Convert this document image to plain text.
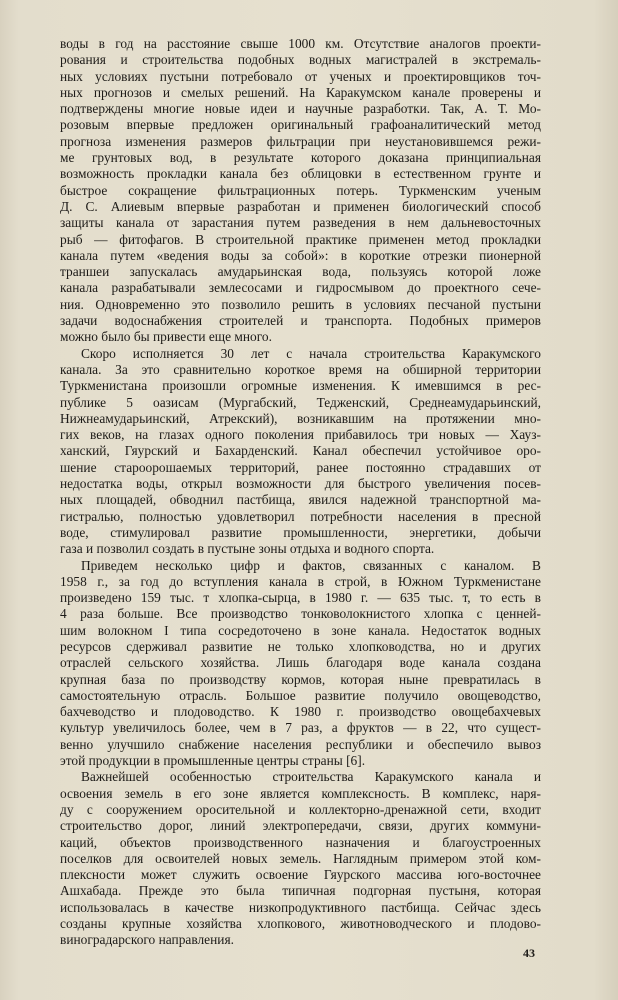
воды в год на расстояние свыше 1000 км. Отсутствие аналогов проекти-
рования и строительства подобных водных магистралей в экстремаль-
ных условиях пустыни потребовало от ученых и проектировщиков точ-
ных прогнозов и смелых решений. На Каракумском канале проверены и
подтверждены многие новые идеи и научные разработки. Так, А. Т. Мо-
розовым впервые предложен оригинальный графоаналитический метод
прогноза изменения размеров фильтрации при неустановившемся режи-
ме грунтовых вод, в результате которого доказана принципиальная
возможность прокладки канала без облицовки в естественном грунте и
быстрое сокращение фильтрационных потерь. Туркменским ученым
Д. С. Алиевым впервые разработан и применен биологический способ
защиты канала от зарастания путем разведения в нем дальневосточных
рыб — фитофагов. В строительной практике применен метод прокладки
канала путем «ведения воды за собой»: в короткие отрезки пионерной
траншеи запускалась амударьинская вода, пользуясь которой ложе
канала разрабатывали землесосами и гидросмывом до проектного сече-
ния. Одновременно это позволило решить в условиях песчаной пустыни
задачи водоснабжения строителей и транспорта. Подобных примеров
можно было бы привести еще много.

Скоро исполняется 30 лет с начала строительства Каракумского
канала. За это сравнительно короткое время на обширной территории
Туркменистана произошли огромные изменения. К имевшимся в рес-
публике 5 оазисам (Мургабский, Тедженский, Среднеамударьинский,
Нижнеамударьинский, Атрекский), возникавшим на протяжении мно-
гих веков, на глазах одного поколения прибавилось три новых — Хауз-
ханский, Гяурский и Бахарденский. Канал обеспечил устойчивое оро-
шение староорошаемых территорий, ранее постоянно страдавших от
недостатка воды, открыл возможности для быстрого увеличения посев-
ных площадей, обводнил пастбища, явился надежной транспортной ма-
гистралью, полностью удовлетворил потребности населения в пресной
воде, стимулировал развитие промышленности, энергетики, добычи
газа и позволил создать в пустыне зоны отдыха и водного спорта.

Приведем несколько цифр и фактов, связанных с каналом. В
1958 г., за год до вступления канала в строй, в Южном Туркменистане
произведено 159 тыс. т хлопка-сырца, в 1980 г. — 635 тыс. т, то есть в
4 раза больше. Все производство тонковолокнистого хлопка с ценней-
шим волокном I типа сосредоточено в зоне канала. Недостаток водных
ресурсов сдерживал развитие не только хлопководства, но и других
отраслей сельского хозяйства. Лишь благодаря воде канала создана
крупная база по производству кормов, которая ныне превратилась в
самостоятельную отрасль. Большое развитие получило овощеводство,
бахчеводство и плодоводство. К 1980 г. производство овощебахчевых
культур увеличилось более, чем в 7 раз, а фруктов — в 22, что сущест-
венно улучшило снабжение населения республики и обеспечило вывоз
этой продукции в промышленные центры страны [6].

Важнейшей особенностью строительства Каракумского канала и
освоения земель в его зоне является комплексность. В комплекс, наря-
ду с сооружением оросительной и коллекторно-дренажной сети, входит
строительство дорог, линий электропередачи, связи, других коммуни-
каций, объектов производственного назначения и благоустроенных
поселков для освоителей новых земель. Наглядным примером этой ком-
плексности может служить освоение Гяурского массива юго-восточнее
Ашхабада. Прежде это была типичная подгорная пустыня, которая
использовалась в качестве низкопродуктивного пастбища. Сейчас здесь
созданы крупные хозяйства хлопкового, животноводческого и плодово-
виноградарского направления.

43
